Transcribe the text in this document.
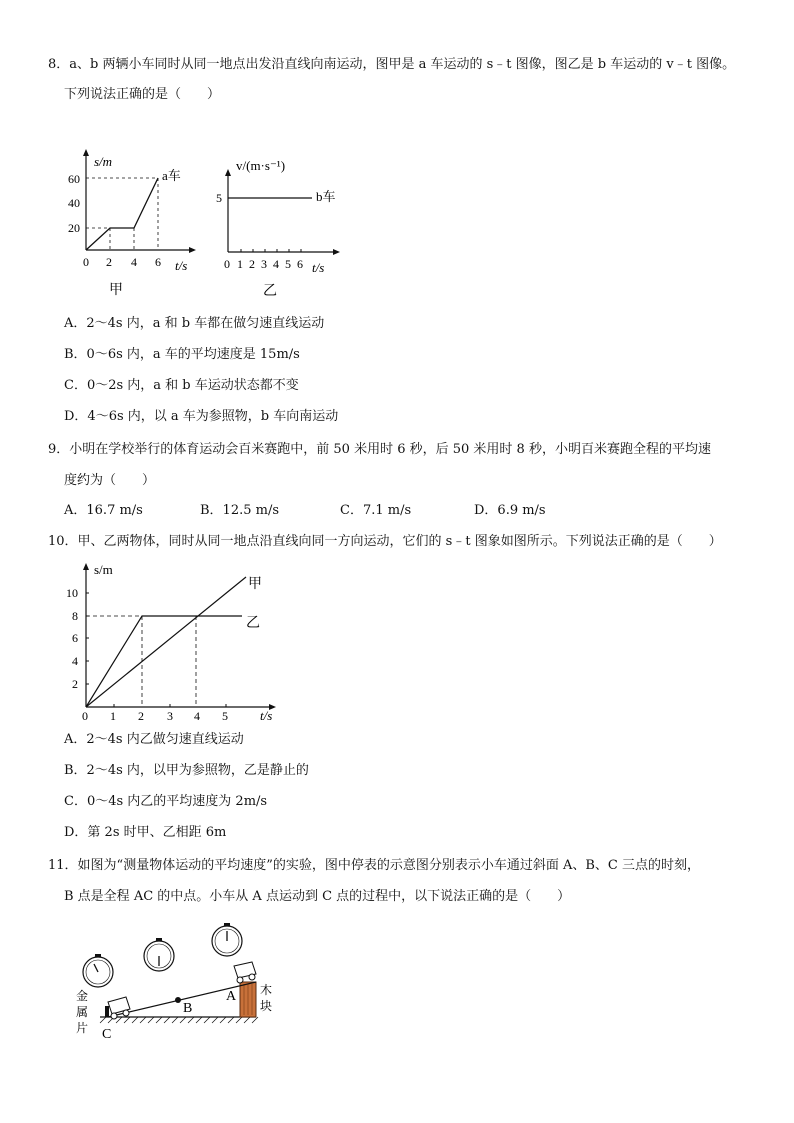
8．a、b 两辆小车同时从同一地点出发沿直线向南运动，图甲是 a 车运动的 s﹣t 图像，图乙是 b 车运动的 v﹣t 图像。
下列说法正确的是（　　）
s/m
t/s
20
40
60
0 2 4 6
a车
甲
v/(m·s⁻¹)
t/s
5	b车
0 1 2 3 4 5 6
乙
A．2～4s 内，a 和 b 车都在做匀速直线运动
B．0～6s 内，a 车的平均速度是 15m/s
C．0～2s 内，a 和 b 车运动状态都不变
D．4～6s 内，以 a 车为参照物，b 车向南运动
9．小明在学校举行的体育运动会百米赛跑中，前 50 米用时 6 秒，后 50 米用时 8 秒，小明百米赛跑全程的平均速
度约为（　　）
A．16.7 m/s	B．12.5 m/s	C．7.1 m/s	D．6.9 m/s
10．甲、乙两物体，同时从同一地点沿直线向同一方向运动，它们的 s﹣t 图象如图所示。下列说法正确的是（　　）
s/m
t/s
2
4
6
8
10
0 1 2 3 4 5
甲
乙
A．2～4s 内乙做匀速直线运动
B．2～4s 内，以甲为参照物，乙是静止的
C．0～4s 内乙的平均速度为 2m/s
D．第 2s 时甲、乙相距 6m
11．如图为“测量物体运动的平均速度”的实验，图中停表的示意图分别表示小车通过斜面 A、B、C 三点的时刻，
B 点是全程 AC 的中点。小车从 A 点运动到 C 点的过程中，以下说法正确的是（　　）
金
属
片
木
块
A
B
C
